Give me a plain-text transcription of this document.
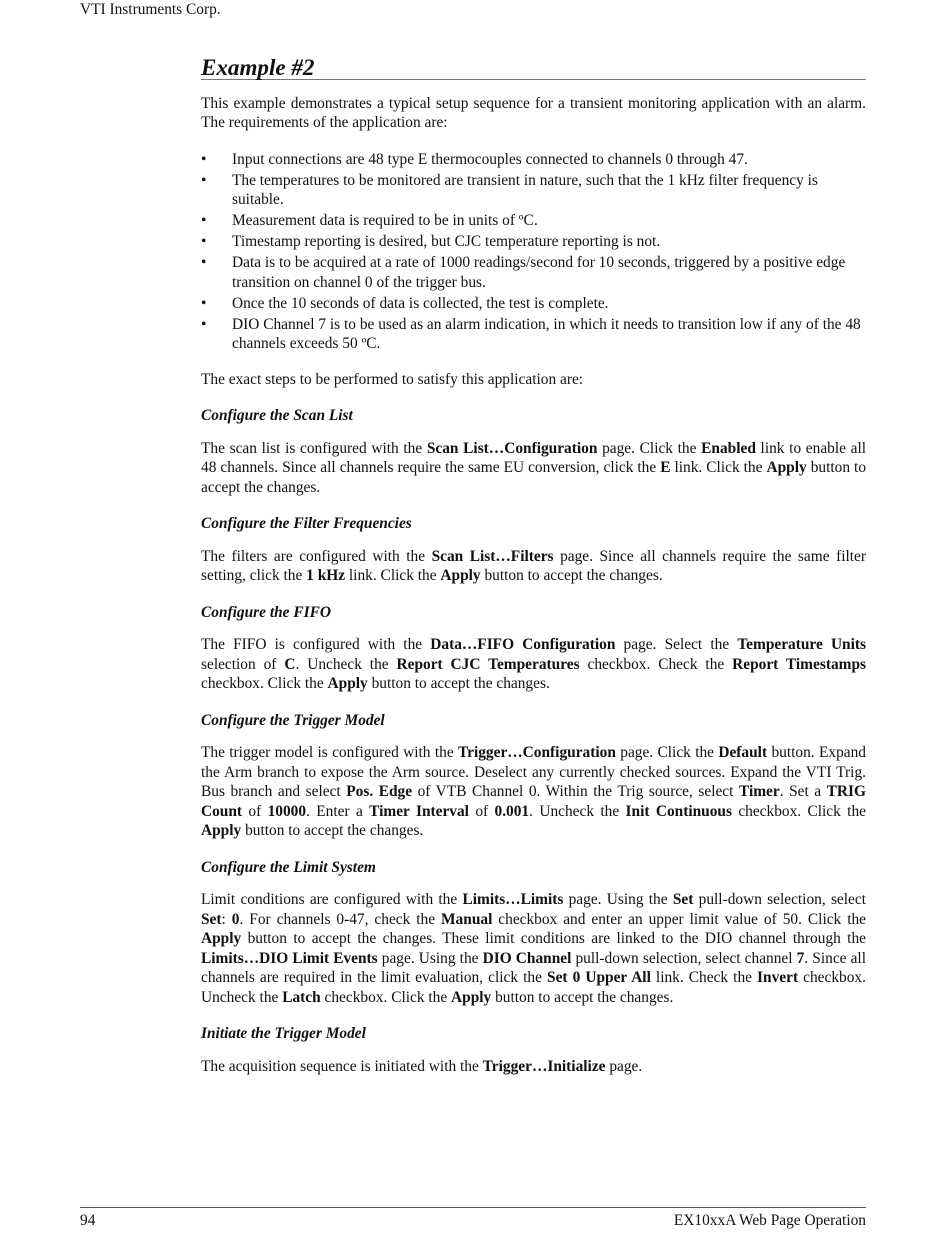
VTI Instruments Corp.
Example #2

This example demonstrates a typical setup sequence for a transient monitoring application with an alarm. The requirements of the application are:

• Input connections are 48 type E thermocouples connected to channels 0 through 47.
• The temperatures to be monitored are transient in nature, such that the 1 kHz filter frequency is suitable.
• Measurement data is required to be in units of ºC.
• Timestamp reporting is desired, but CJC temperature reporting is not.
• Data is to be acquired at a rate of 1000 readings/second for 10 seconds, triggered by a positive edge transition on channel 0 of the trigger bus.
• Once the 10 seconds of data is collected, the test is complete.
• DIO Channel 7 is to be used as an alarm indication, in which it needs to transition low if any of the 48 channels exceeds 50 ºC.

The exact steps to be performed to satisfy this application are:

Configure the Scan List

The scan list is configured with the Scan List…Configuration page. Click the Enabled link to enable all 48 channels. Since all channels require the same EU conversion, click the E link. Click the Apply button to accept the changes.

Configure the Filter Frequencies

The filters are configured with the Scan List…Filters page. Since all channels require the same filter setting, click the 1 kHz link. Click the Apply button to accept the changes.

Configure the FIFO

The FIFO is configured with the Data…FIFO Configuration page. Select the Temperature Units selection of C. Uncheck the Report CJC Temperatures checkbox. Check the Report Timestamps checkbox. Click the Apply button to accept the changes.

Configure the Trigger Model

The trigger model is configured with the Trigger…Configuration page. Click the Default button. Expand the Arm branch to expose the Arm source. Deselect any currently checked sources. Expand the VTI Trig. Bus branch and select Pos. Edge of VTB Channel 0. Within the Trig source, select Timer. Set a TRIG Count of 10000. Enter a Timer Interval of 0.001. Uncheck the Init Continuous checkbox. Click the Apply button to accept the changes.

Configure the Limit System

Limit conditions are configured with the Limits…Limits page. Using the Set pull-down selection, select Set: 0. For channels 0-47, check the Manual checkbox and enter an upper limit value of 50. Click the Apply button to accept the changes. These limit conditions are linked to the DIO channel through the Limits…DIO Limit Events page. Using the DIO Channel pull-down selection, select channel 7. Since all channels are required in the limit evaluation, click the Set 0 Upper All link. Check the Invert checkbox. Uncheck the Latch checkbox. Click the Apply button to accept the changes.

Initiate the Trigger Model

The acquisition sequence is initiated with the Trigger…Initialize page.

94	EX10xxA Web Page Operation
